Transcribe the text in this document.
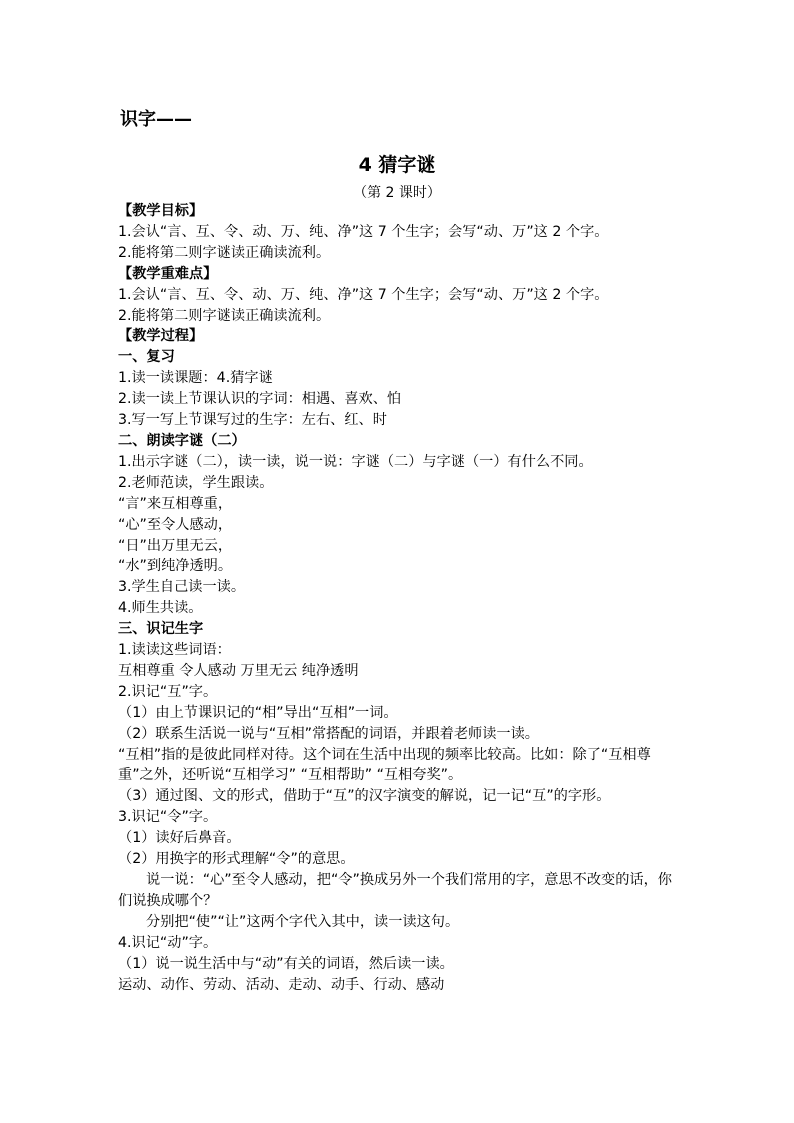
识字——
4 猜字谜
（第 2 课时）
【教学目标】
1.会认“言、互、令、动、万、纯、净”这 7 个生字；会写“动、万”这 2 个字。
2.能将第二则字谜读正确读流利。
【教学重难点】
1.会认“言、互、令、动、万、纯、净”这 7 个生字；会写“动、万”这 2 个字。
2.能将第二则字谜读正确读流利。
【教学过程】
一、复习
1.读一读课题：4.猜字谜
2.读一读上节课认识的字词：相遇、喜欢、怕
3.写一写上节课写过的生字：左右、红、时
二、朗读字谜（二）
1.出示字谜（二），读一读，说一说：字谜（二）与字谜（一）有什么不同。
2.老师范读，学生跟读。
“言”来互相尊重，
“心”至令人感动，
“日”出万里无云，
“水”到纯净透明。
3.学生自己读一读。
4.师生共读。
三、识记生字
1.读读这些词语：
互相尊重 令人感动 万里无云 纯净透明
2.识记“互”字。
（1）由上节课识记的“相”导出“互相”一词。
（2）联系生活说一说与“互相”常搭配的词语，并跟着老师读一读。
“互相”指的是彼此同样对待。这个词在生活中出现的频率比较高。比如：除了“互相尊重”之外，还听说“互相学习” “互相帮助” “互相夸奖”。
（3）通过图、文的形式，借助于“互”的汉字演变的解说，记一记“互”的字形。
3.识记“令”字。
（1）读好后鼻音。
（2）用换字的形式理解“令”的意思。
说一说：“心”至令人感动，把“令”换成另外一个我们常用的字，意思不改变的话，你们说换成哪个？
分别把“使”“让”这两个字代入其中，读一读这句。
4.识记“动”字。
（1）说一说生活中与“动”有关的词语，然后读一读。
运动、动作、劳动、活动、走动、动手、行动、感动
